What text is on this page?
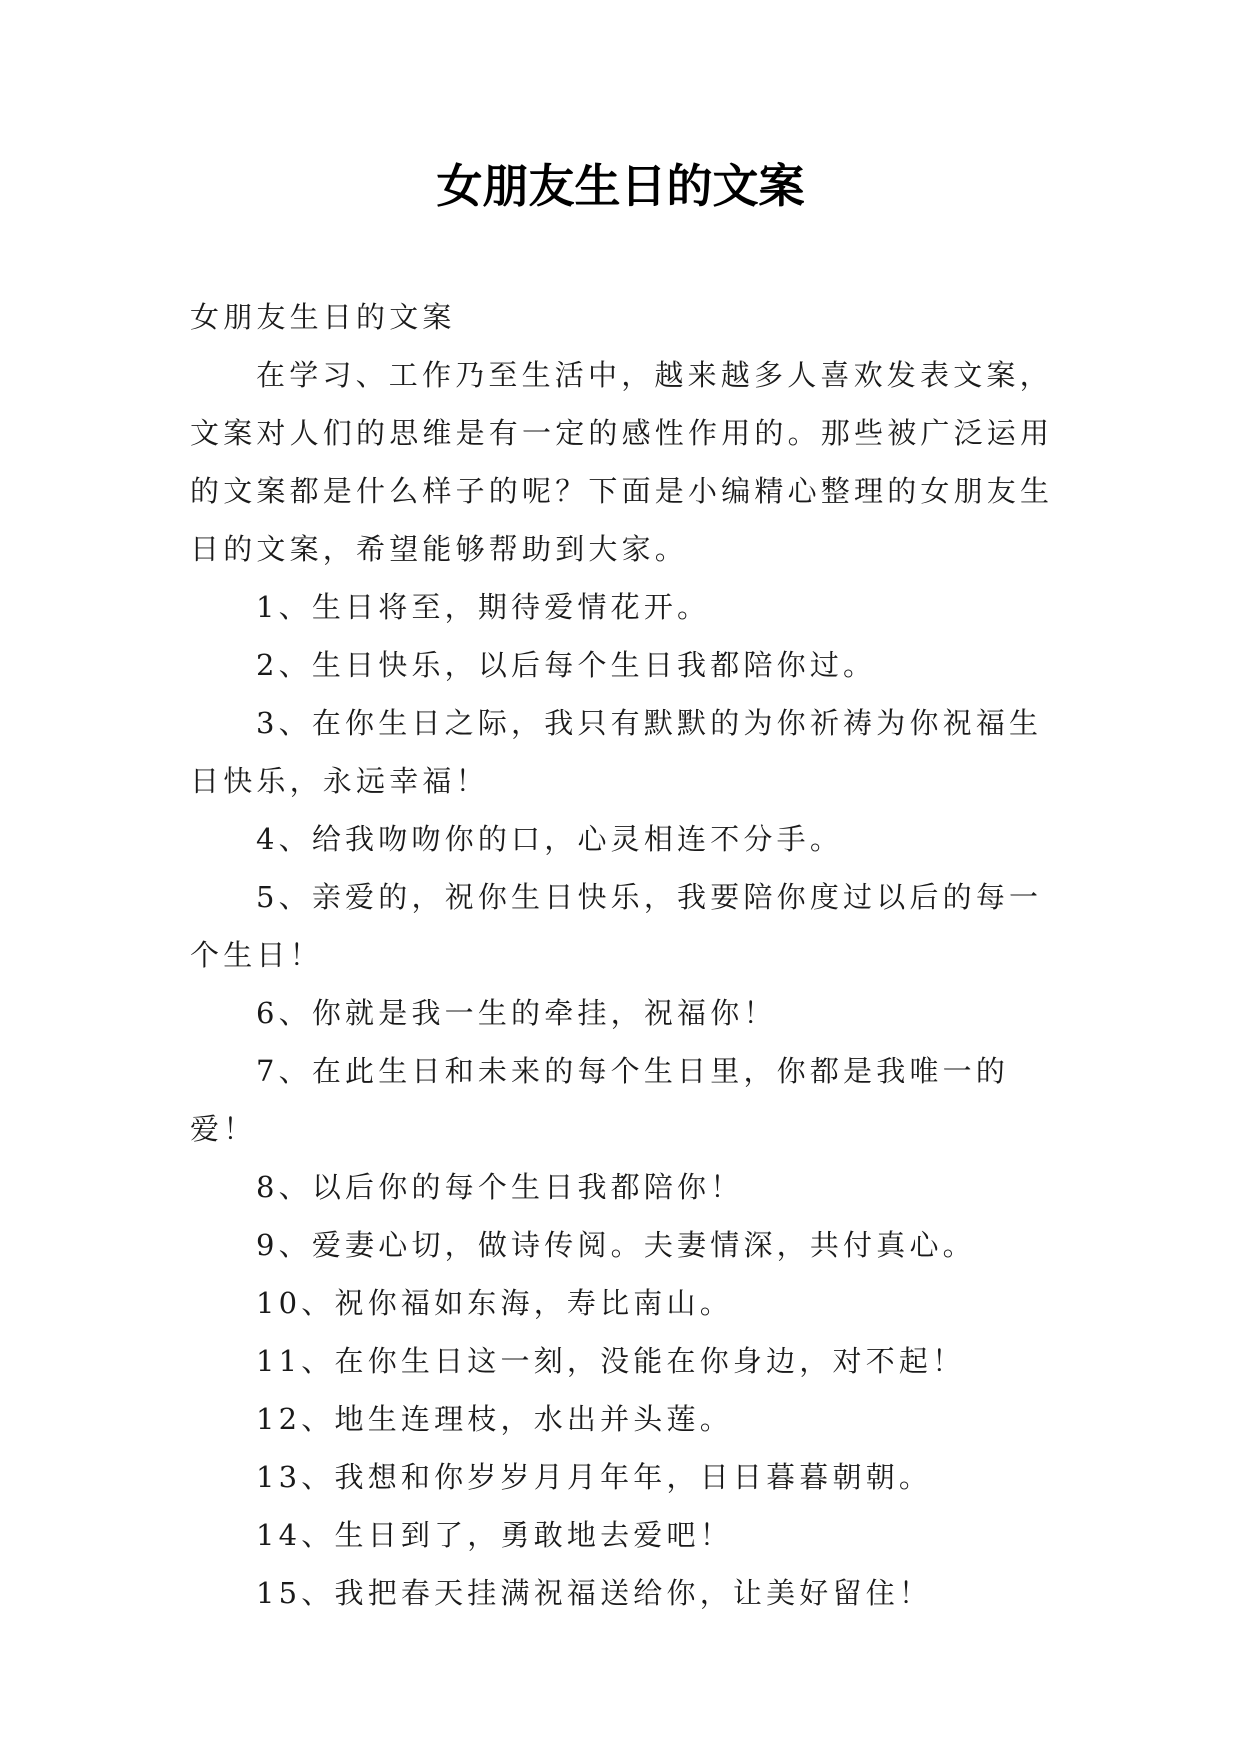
女朋友生日的文案

女朋友生日的文案

在学习、工作乃至生活中，越来越多人喜欢发表文案，文案对人们的思维是有一定的感性作用的。那些被广泛运用的文案都是什么样子的呢？下面是小编精心整理的女朋友生日的文案，希望能够帮助到大家。

1、生日将至，期待爱情花开。

2、生日快乐，以后每个生日我都陪你过。

3、在你生日之际，我只有默默的为你祈祷为你祝福生日快乐，永远幸福！

4、给我吻吻你的口，心灵相连不分手。

5、亲爱的，祝你生日快乐，我要陪你度过以后的每一个生日！

6、你就是我一生的牵挂，祝福你！

7、在此生日和未来的每个生日里，你都是我唯一的爱！

8、以后你的每个生日我都陪你！

9、爱妻心切，做诗传阅。夫妻情深，共付真心。

10、祝你福如东海，寿比南山。

11、在你生日这一刻，没能在你身边，对不起！

12、地生连理枝，水出并头莲。

13、我想和你岁岁月月年年，日日暮暮朝朝。

14、生日到了，勇敢地去爱吧！

15、我把春天挂满祝福送给你，让美好留住！
